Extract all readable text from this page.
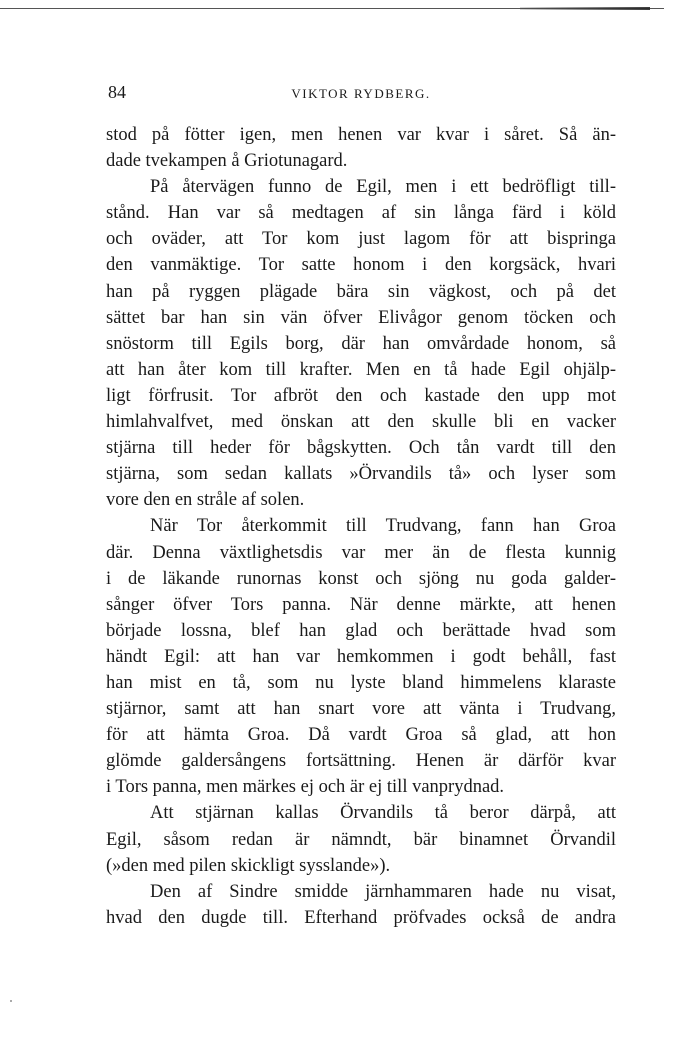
84	VIKTOR RYDBERG.
stod på fötter igen, men henen var kvar i såret. Så än-
dade tvekampen å Griotunagard.
På återvägen funno de Egil, men i ett bedröfligt till-
stånd. Han var så medtagen af sin långa färd i köld
och oväder, att Tor kom just lagom för att bispringa
den vanmäktige. Tor satte honom i den korgsäck, hvari
han på ryggen plägade bära sin vägkost, och på det
sättet bar han sin vän öfver Elivågor genom töcken och
snöstorm till Egils borg, där han omvårdade honom, så
att han åter kom till krafter. Men en tå hade Egil ohjälp-
ligt förfrusit. Tor afbröt den och kastade den upp mot
himlahvalfvet, med önskan att den skulle bli en vacker
stjärna till heder för bågskytten. Och tån vardt till den
stjärna, som sedan kallats »Örvandils tå» och lyser som
vore den en stråle af solen.
När Tor återkommit till Trudvang, fann han Groa
där. Denna växtlighetsdis var mer än de flesta kunnig
i de läkande runornas konst och sjöng nu goda galder-
sånger öfver Tors panna. När denne märkte, att henen
började lossna, blef han glad och berättade hvad som
händt Egil: att han var hemkommen i godt behåll, fast
han mist en tå, som nu lyste bland himmelens klaraste
stjärnor, samt att han snart vore att vänta i Trudvang,
för att hämta Groa. Då vardt Groa så glad, att hon
glömde galdersångens fortsättning. Henen är därför kvar
i Tors panna, men märkes ej och är ej till vanprydnad.
Att stjärnan kallas Örvandils tå beror därpå, att
Egil, såsom redan är nämndt, bär binamnet Örvandil
(»den med pilen skickligt sysslande»).
Den af Sindre smidde järnhammaren hade nu visat,
hvad den dugde till. Efterhand pröfvades också de andra
